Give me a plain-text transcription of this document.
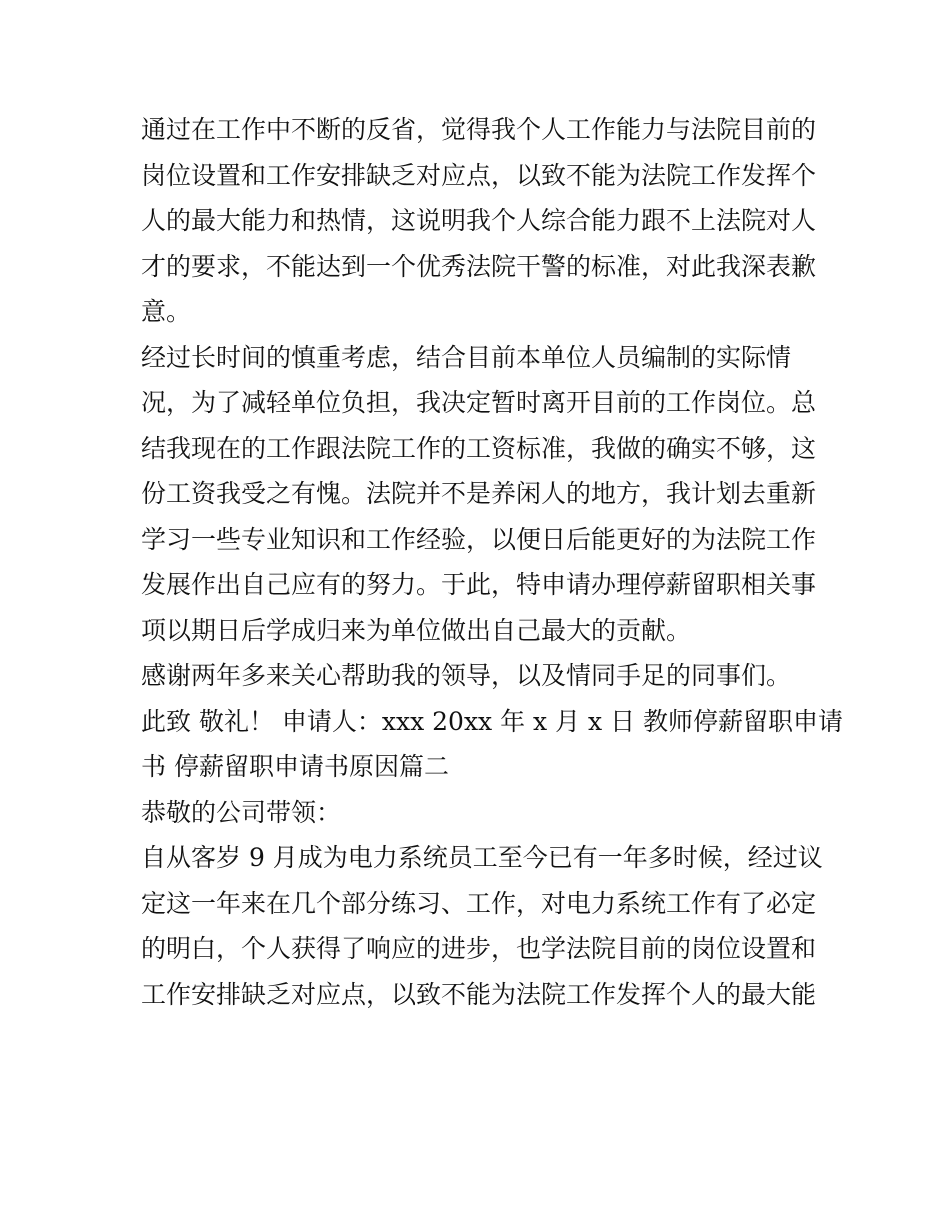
通过在工作中不断的反省，觉得我个人工作能力与法院目前的
岗位设置和工作安排缺乏对应点，以致不能为法院工作发挥个
人的最大能力和热情，这说明我个人综合能力跟不上法院对人
才的要求，不能达到一个优秀法院干警的标准，对此我深表歉
意。
经过长时间的慎重考虑，结合目前本单位人员编制的实际情
况，为了减轻单位负担，我决定暂时离开目前的工作岗位。总
结我现在的工作跟法院工作的工资标准，我做的确实不够，这
份工资我受之有愧。法院并不是养闲人的地方，我计划去重新
学习一些专业知识和工作经验，以便日后能更好的为法院工作
发展作出自己应有的努力。于此，特申请办理停薪留职相关事
项以期日后学成归来为单位做出自己最大的贡献。
感谢两年多来关心帮助我的领导，以及情同手足的同事们。
此致 敬礼！ 申请人：xxx 20xx 年 x 月 x 日 教师停薪留职申请
书 停薪留职申请书原因篇二
恭敬的公司带领：
自从客岁 9 月成为电力系统员工至今已有一年多时候，经过议
定这一年来在几个部分练习、工作，对电力系统工作有了必定
的明白，个人获得了响应的进步，也学法院目前的岗位设置和
工作安排缺乏对应点，以致不能为法院工作发挥个人的最大能
